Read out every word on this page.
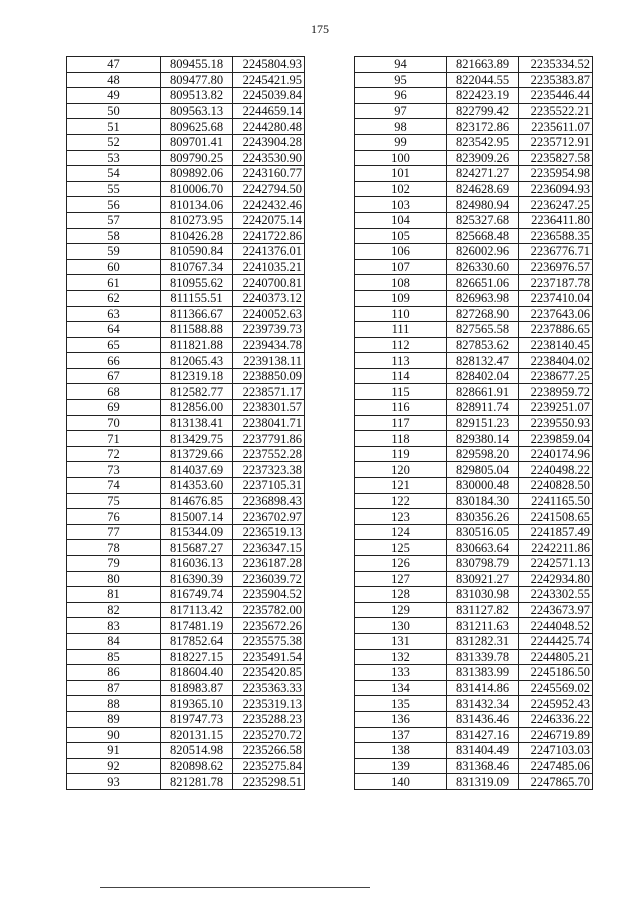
175
47	809455.18	2245804.93
48	809477.80	2245421.95
49	809513.82	2245039.84
50	809563.13	2244659.14
51	809625.68	2244280.48
52	809701.41	2243904.28
53	809790.25	2243530.90
54	809892.06	2243160.77
55	810006.70	2242794.50
56	810134.06	2242432.46
57	810273.95	2242075.14
58	810426.28	2241722.86
59	810590.84	2241376.01
60	810767.34	2241035.21
61	810955.62	2240700.81
62	811155.51	2240373.12
63	811366.67	2240052.63
64	811588.88	2239739.73
65	811821.88	2239434.78
66	812065.43	2239138.11
67	812319.18	2238850.09
68	812582.77	2238571.17
69	812856.00	2238301.57
70	813138.41	2238041.71
71	813429.75	2237791.86
72	813729.66	2237552.28
73	814037.69	2237323.38
74	814353.60	2237105.31
75	814676.85	2236898.43
76	815007.14	2236702.97
77	815344.09	2236519.13
78	815687.27	2236347.15
79	816036.13	2236187.28
80	816390.39	2236039.72
81	816749.74	2235904.52
82	817113.42	2235782.00
83	817481.19	2235672.26
84	817852.64	2235575.38
85	818227.15	2235491.54
86	818604.40	2235420.85
87	818983.87	2235363.33
88	819365.10	2235319.13
89	819747.73	2235288.23
90	820131.15	2235270.72
91	820514.98	2235266.58
92	820898.62	2235275.84
93	821281.78	2235298.51
94	821663.89	2235334.52
95	822044.55	2235383.87
96	822423.19	2235446.44
97	822799.42	2235522.21
98	823172.86	2235611.07
99	823542.95	2235712.91
100	823909.26	2235827.58
101	824271.27	2235954.98
102	824628.69	2236094.93
103	824980.94	2236247.25
104	825327.68	2236411.80
105	825668.48	2236588.35
106	826002.96	2236776.71
107	826330.60	2236976.57
108	826651.06	2237187.78
109	826963.98	2237410.04
110	827268.90	2237643.06
111	827565.58	2237886.65
112	827853.62	2238140.45
113	828132.47	2238404.02
114	828402.04	2238677.25
115	828661.91	2238959.72
116	828911.74	2239251.07
117	829151.23	2239550.93
118	829380.14	2239859.04
119	829598.20	2240174.96
120	829805.04	2240498.22
121	830000.48	2240828.50
122	830184.30	2241165.50
123	830356.26	2241508.65
124	830516.05	2241857.49
125	830663.64	2242211.86
126	830798.79	2242571.13
127	830921.27	2242934.80
128	831030.98	2243302.55
129	831127.82	2243673.97
130	831211.63	2244048.52
131	831282.31	2244425.74
132	831339.78	2244805.21
133	831383.99	2245186.50
134	831414.86	2245569.02
135	831432.34	2245952.43
136	831436.46	2246336.22
137	831427.16	2246719.89
138	831404.49	2247103.03
139	831368.46	2247485.06
140	831319.09	2247865.70
